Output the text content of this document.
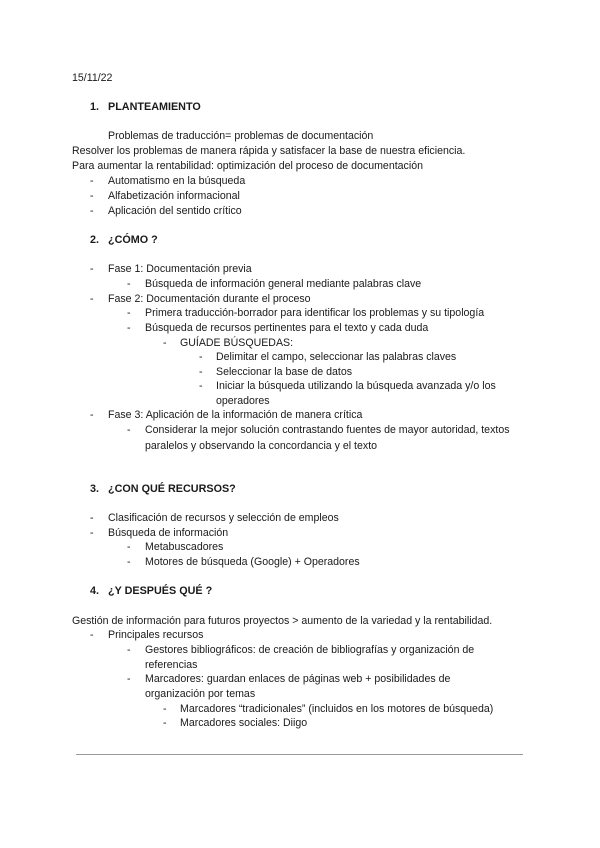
15/11/22
1. PLANTEAMIENTO
Problemas de traducción= problemas de documentación
Resolver los problemas de manera rápida y satisfacer la base de nuestra eficiencia.
Para aumentar la rentabilidad: optimización del proceso de documentación
- Automatismo en la búsqueda
- Alfabetización informacional
- Aplicación del sentido crítico
2. ¿CÓMO ?
- Fase 1: Documentación previa
- Búsqueda de información general mediante palabras clave
- Fase 2: Documentación durante el proceso
- Primera traducción-borrador para identificar los problemas y su tipología
- Búsqueda de recursos pertinentes para el texto y cada duda
- GUÍADE BÚSQUEDAS:
- Delimitar el campo, seleccionar las palabras claves
- Seleccionar la base de datos
- Iniciar la búsqueda utilizando la búsqueda avanzada y/o los
operadores
- Fase 3: Aplicación de la información de manera crítica
- Considerar la mejor solución contrastando fuentes de mayor autoridad, textos
paralelos y observando la concordancia y el texto
3. ¿CON QUÉ RECURSOS?
- Clasificación de recursos y selección de empleos
- Búsqueda de información
- Metabuscadores
- Motores de búsqueda (Google) + Operadores
4. ¿Y DESPUÉS QUÉ ?
Gestión de información para futuros proyectos > aumento de la variedad y la rentabilidad.
- Principales recursos
- Gestores bibliográficos: de creación de bibliografías y organización de
referencias
- Marcadores: guardan enlaces de páginas web + posibilidades de
organización por temas
- Marcadores “tradicionales” (incluidos en los motores de búsqueda)
- Marcadores sociales: Diigo
